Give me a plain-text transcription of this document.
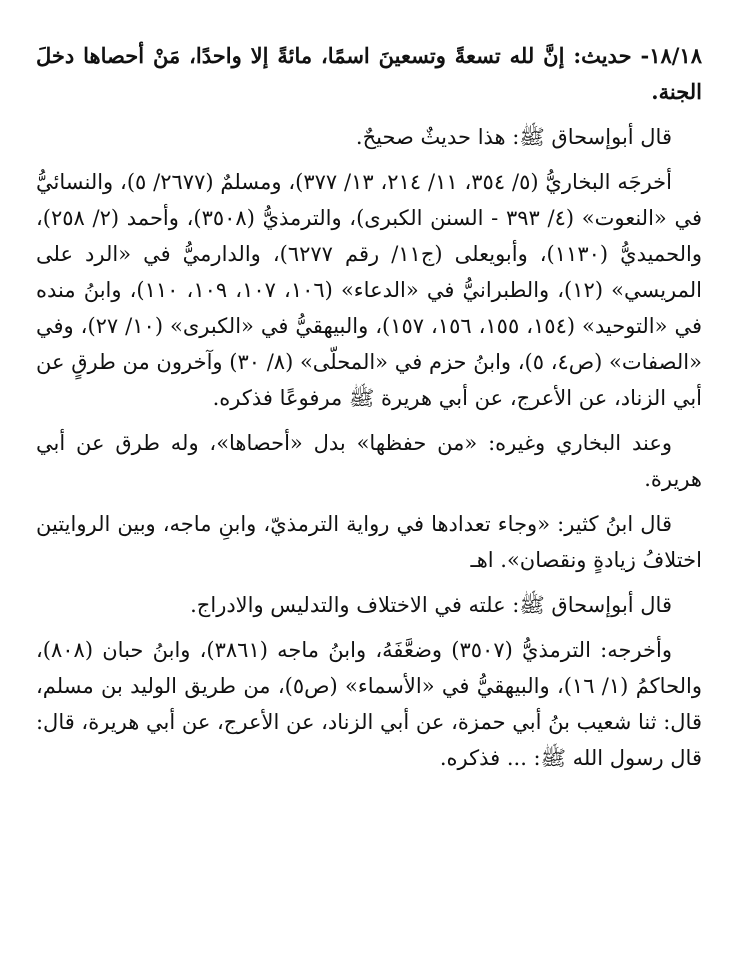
١٨/١٨- حديث: إنَّ لله تسعةً وتسعينَ اسمًا، مائةً إلا واحدًا، مَنْ أحصاها دخلَ الجنة.

قال أبوإسحاق ﷺ: هذا حديثٌ صحيحٌ.

أخرجَه البخاريُّ (٥/ ٣٥٤، ١١/ ٢١٤، ١٣/ ٣٧٧)، ومسلمٌ (٢٦٧٧/ ٥)، والنسائيُّ في «النعوت» (٤/ ٣٩٣ - السنن الكبرى)، والترمذيُّ (٣٥٠٨)، وأحمد (٢/ ٢٥٨)، والحميديُّ (١١٣٠)، وأبويعلى (ج١١/ رقم ٦٢٧٧)، والدارميُّ في «الرد على المريسي» (١٢)، والطبرانيُّ في «الدعاء» (١٠٦، ١٠٧، ١٠٩، ١١٠)، وابنُ منده في «التوحيد» (١٥٤، ١٥٥، ١٥٦، ١٥٧)، والبيهقيُّ في «الكبرى» (١٠/ ٢٧)، وفي «الصفات» (ص٤، ٥)، وابنُ حزم في «المحلّى» (٨/ ٣٠) وآخرون من طرقٍ عن أبي الزناد، عن الأعرج، عن أبي هريرة ﷺ مرفوعًا فذكره.

وعند البخاري وغيره: «من حفظها» بدل «أحصاها»، وله طرق عن أبي هريرة.

قال ابنُ كثير: «وجاء تعدادها في رواية الترمذيّ، وابنِ ماجه، وبين الروايتين اختلافُ زيادةٍ ونقصان». اهـ

قال أبوإسحاق ﷺ: علته في الاختلاف والتدليس والادراج.

وأخرجه: الترمذيُّ (٣٥٠٧) وضعَّفَهُ، وابنُ ماجه (٣٨٦١)، وابنُ حبان (٨٠٨)، والحاكمُ (١/ ١٦)، والبيهقيُّ في «الأسماء» (ص٥)، من طريق الوليد بن مسلم، قال: ثنا شعيب بنُ أبي حمزة، عن أبي الزناد، عن الأعرج، عن أبي هريرة، قال: قال رسول الله ﷺ: ... فذكره.
